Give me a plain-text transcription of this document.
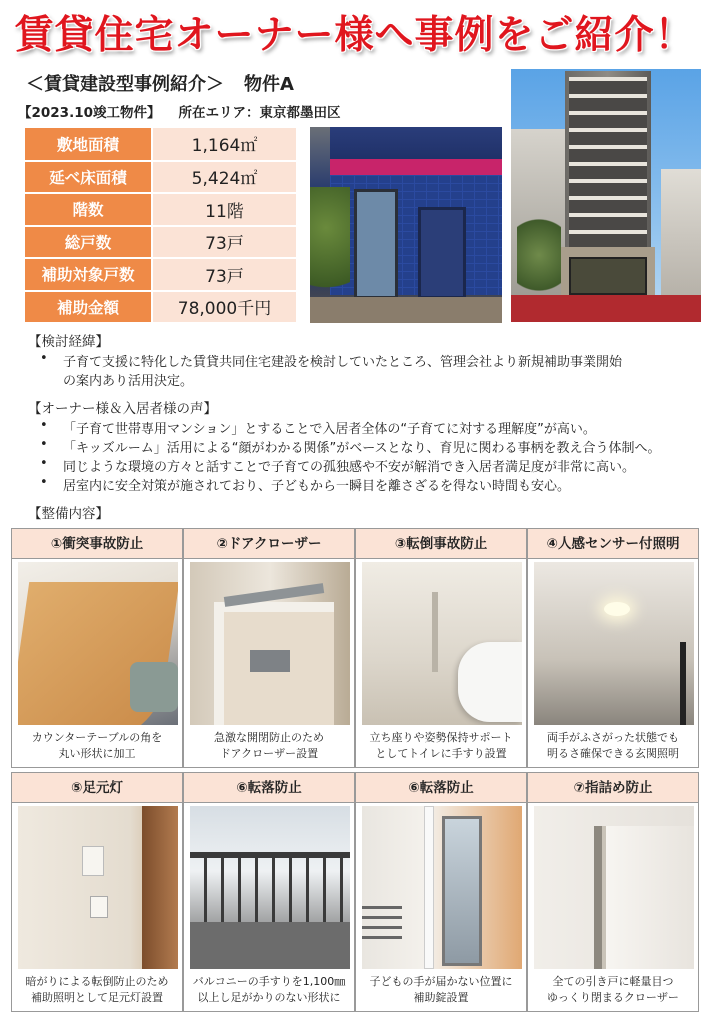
賃貸住宅オーナー様へ事例をご紹介！
＜賃貸建設型事例紹介＞ 物件A
【2023.10竣工物件】 所在エリア：東京都墨田区
敷地面積	1,164㎡
延べ床面積	5,424㎡
階数	11階
総戸数	73戸
補助対象戸数	73戸
補助金額	78,000千円
【検討経緯】
• 子育て支援に特化した賃貸共同住宅建設を検討していたところ、管理会社より新規補助事業開始
の案内あり活用決定。
【オーナー様＆入居者様の声】
• 「子育て世帯専用マンション」とすることで入居者全体の“子育てに対する理解度”が高い。
• 「キッズルーム」活用による“顔がわかる関係”がベースとなり、育児に関わる事柄を教え合う体制へ。
• 同じような環境の方々と話すことで子育ての孤独感や不安が解消でき入居者満足度が非常に高い。
• 居室内に安全対策が施されており、子どもから一瞬目を離さざるを得ない時間も安心。
【整備内容】
①衝突事故防止
カウンターテーブルの角を
丸い形状に加工
②ドアクローザー
急激な開閉防止のため
ドアクローザー設置
③転倒事故防止
立ち座りや姿勢保持サポート
としてトイレに手すり設置
④人感センサー付照明
両手がふさがった状態でも
明るさ確保できる玄関照明
⑤足元灯
暗がりによる転倒防止のため
補助照明として足元灯設置
⑥転落防止
バルコニーの手すりを1,100㎜
以上し足がかりのない形状に
⑥転落防止
子どもの手が届かない位置に
補助錠設置
⑦指詰め防止
全ての引き戸に軽量目つ
ゆっくり閉まるクローザー
